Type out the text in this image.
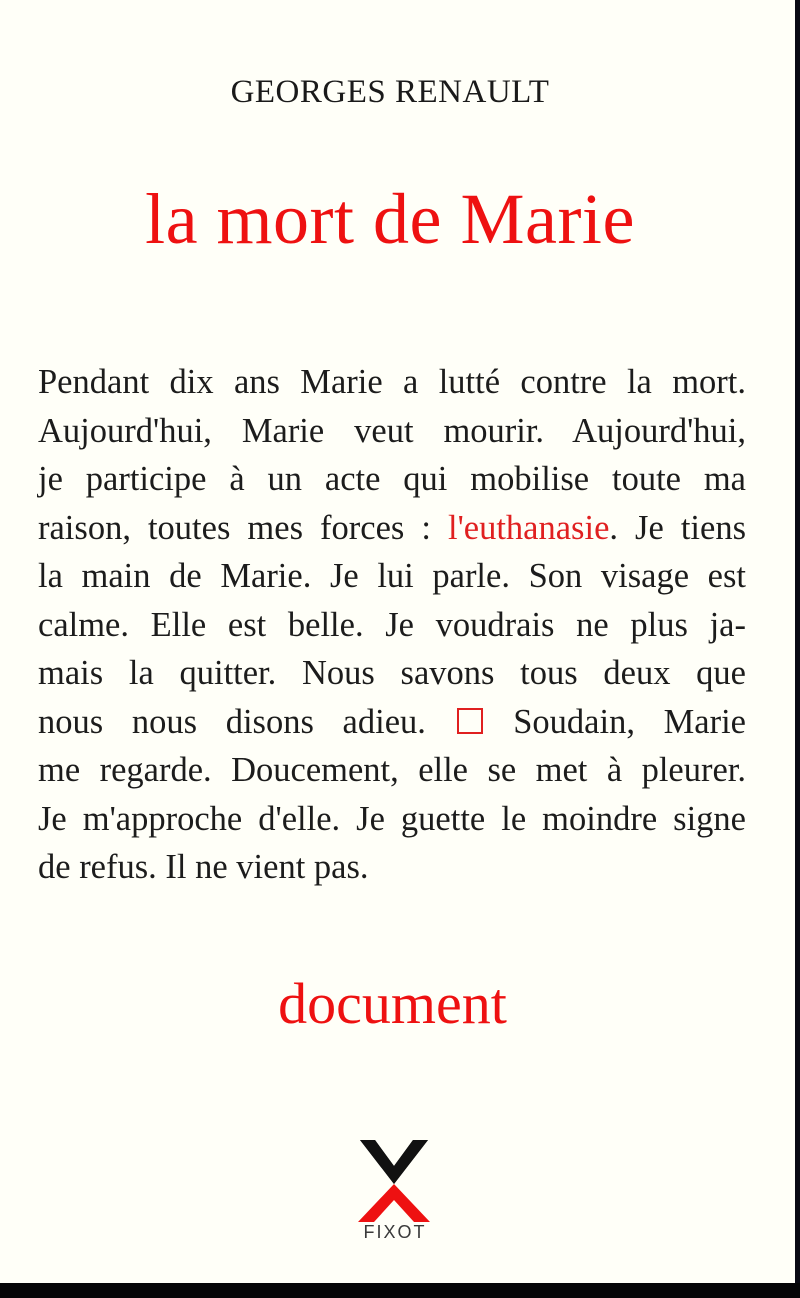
GEORGES RENAULT
la mort de Marie
Pendant dix ans Marie a lutté contre la mort.
Aujourd'hui, Marie veut mourir. Aujourd'hui,
je participe à un acte qui mobilise toute ma
raison, toutes mes forces : l'euthanasie. Je tiens
la main de Marie. Je lui parle. Son visage est
calme. Elle est belle. Je voudrais ne plus ja-
mais la quitter. Nous savons tous deux que
nous nous disons adieu.  Soudain, Marie
me regarde. Doucement, elle se met à pleurer.
Je m'approche d'elle. Je guette le moindre signe
de refus. Il ne vient pas.
document
FIXOT
